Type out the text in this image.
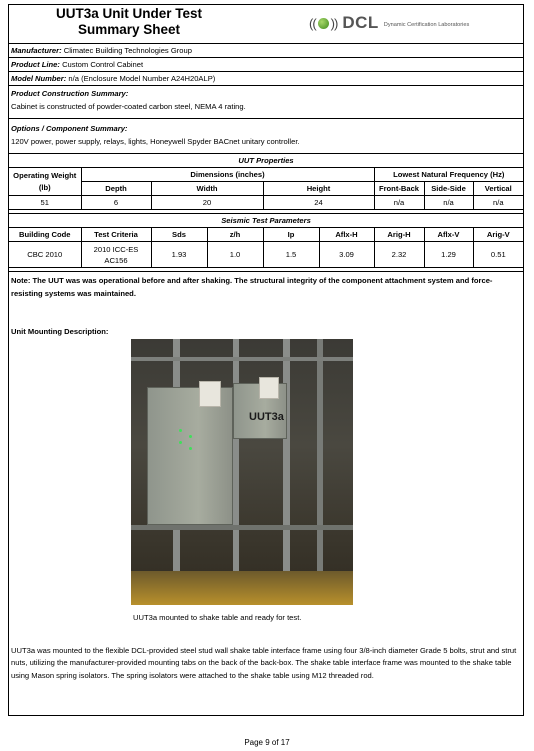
UUT3a Unit Under Test
Summary Sheet	(( )) DCL Dynamic Certification Laboratories
Manufacturer: Climatec Building Technologies Group
Product Line: Custom Control Cabinet
Model Number: n/a (Enclosure Model Number A24H20ALP)
Product Construction Summary:
Cabinet is constructed of powder-coated carbon steel, NEMA 4 rating.
Options / Component Summary:
120V power, power supply, relays, lights, Honeywell Spyder BACnet unitary controller.
UUT Properties						
Operating Weight (lb)	Dimensions (inches)			Lowest Natural Frequency (Hz)		
	Depth	Width	Height	Front-Back	Side-Side	Vertical
51	6	20	24	n/a	n/a	n/a
Seismic Test Parameters								
Building Code	Test Criteria	Sds	z/h	Ip	Aflx-H	Arig-H	Aflx-V	Arig-V
CBC 2010	2010 ICC-ES AC156	1.93	1.0	1.5	3.09	2.32	1.29	0.51
Note: The UUT was was operational before and after shaking. The structural integrity of the component attachment system and force-resisting systems was maintained.
Unit Mounting Description:
UUT3a
UUT3a mounted to shake table and ready for test.
UUT3a was mounted to the flexible DCL-provided steel stud wall shake table interface frame using four 3/8-inch diameter Grade 5 bolts, strut and strut nuts, utilizing the manufacturer-provided mounting tabs on the back of the back-box. The shake table interface frame was mounted to the shake table using Mason spring isolators. The spring isolators were attached to the shake table using M12 threaded rod.
Page 9 of 17
